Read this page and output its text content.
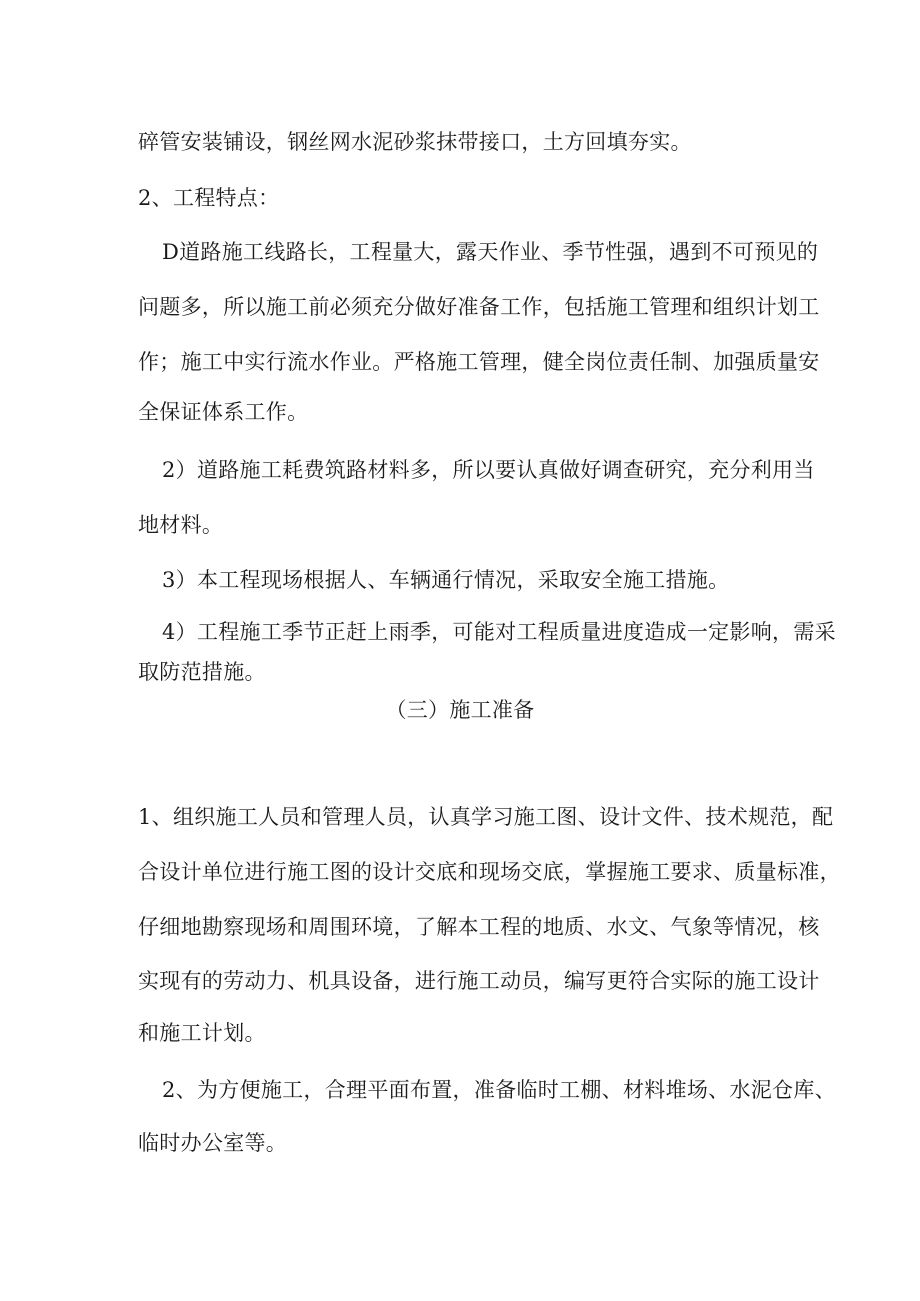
碎管安装铺设，钢丝网水泥砂浆抹带接口，土方回填夯实。
2、工程特点：
D道路施工线路长，工程量大，露天作业、季节性强，遇到不可预见的
问题多，所以施工前必须充分做好准备工作，包括施工管理和组织计划工
作；施工中实行流水作业。严格施工管理，健全岗位责任制、加强质量安
全保证体系工作。
2）道路施工耗费筑路材料多，所以要认真做好调查研究，充分利用当
地材料。
3）本工程现场根据人、车辆通行情况，采取安全施工措施。
4）工程施工季节正赶上雨季，可能对工程质量进度造成一定影响，需采
取防范措施。
（三）施工准备
1、组织施工人员和管理人员，认真学习施工图、设计文件、技术规范，配
合设计单位进行施工图的设计交底和现场交底，掌握施工要求、质量标准，
仔细地勘察现场和周围环境，了解本工程的地质、水文、气象等情况，核
实现有的劳动力、机具设备，进行施工动员，编写更符合实际的施工设计
和施工计划。
2、为方便施工，合理平面布置，准备临时工棚、材料堆场、水泥仓库、
临时办公室等。
